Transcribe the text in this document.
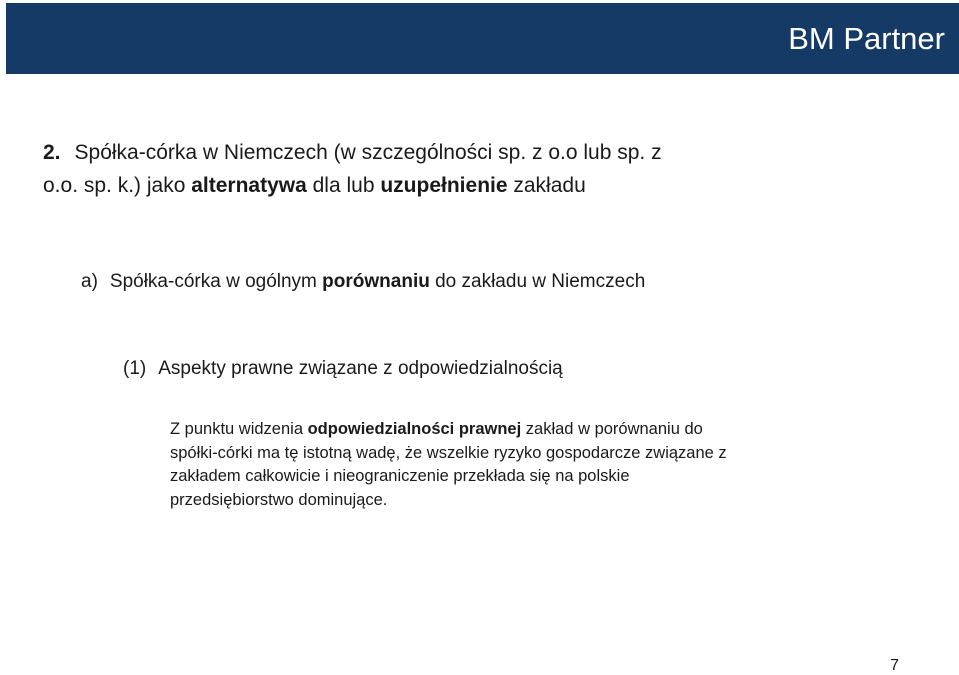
BM Partner
2. Spółka-córka w Niemczech (w szczególności sp. z o.o lub sp. z
o.o. sp. k.) jako alternatywa dla lub uzupełnienie zakładu
a) Spółka-córka w ogólnym porównaniu do zakładu w Niemczech
(1) Aspekty prawne związane z odpowiedzialnością
Z punktu widzenia odpowiedzialności prawnej zakład w porównaniu do
spółki-córki ma tę istotną wadę, że wszelkie ryzyko gospodarcze związane z
zakładem całkowicie i nieograniczenie przekłada się na polskie
przedsiębiorstwo dominujące.
7
